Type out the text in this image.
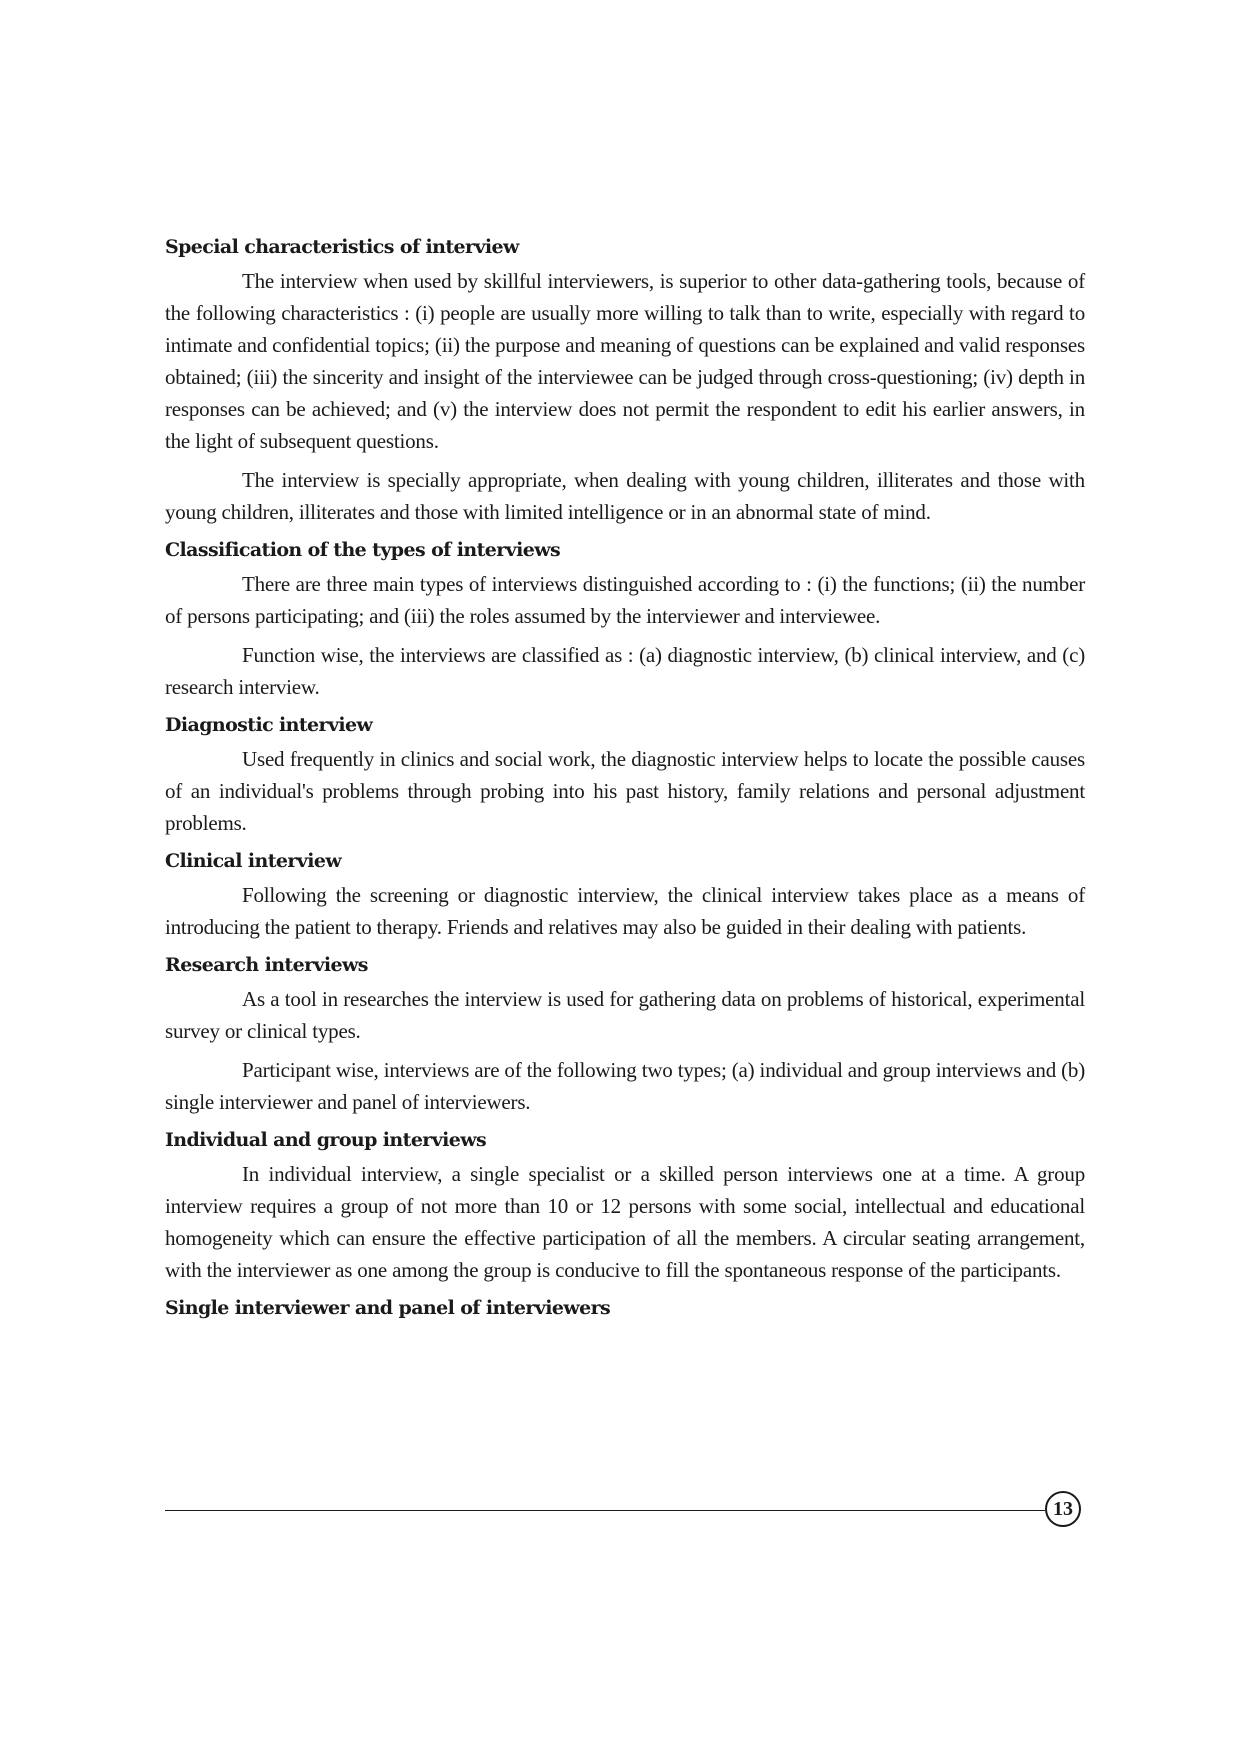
Special characteristics of interview

The interview when used by skillful interviewers, is superior to other data-gathering tools, because of the following characteristics : (i) people are usually more willing to talk than to write, especially with regard to intimate and confidential topics; (ii) the purpose and meaning of questions can be explained and valid responses obtained; (iii) the sincerity and insight of the interviewee can be judged through cross-questioning; (iv) depth in responses can be achieved; and (v) the interview does not permit the respondent to edit his earlier answers, in the light of subsequent questions.

The interview is specially appropriate, when dealing with young children, illiterates and those with young children, illiterates and those with limited intelligence or in an abnormal state of mind.

Classification of the types of interviews

There are three main types of interviews distinguished according to : (i) the functions; (ii) the number of persons participating; and (iii) the roles assumed by the interviewer and interviewee.

Function wise, the interviews are classified as : (a) diagnostic interview, (b) clinical interview, and (c) research interview.

Diagnostic interview

Used frequently in clinics and social work, the diagnostic interview helps to locate the possible causes of an individual's problems through probing into his past history, family relations and personal adjustment problems.

Clinical interview

Following the screening or diagnostic interview, the clinical interview takes place as a means of introducing the patient to therapy. Friends and relatives may also be guided in their dealing with patients.

Research interviews

As a tool in researches the interview is used for gathering data on problems of historical, experimental survey or clinical types.

Participant wise, interviews are of the following two types; (a) individual and group interviews and (b) single interviewer and panel of interviewers.

Individual and group interviews

In individual interview, a single specialist or a skilled person interviews one at a time. A group interview requires a group of not more than 10 or 12 persons with some social, intellectual and educational homogeneity which can ensure the effective participation of all the members. A circular seating arrangement, with the interviewer as one among the group is conducive to fill the spontaneous response of the participants.

Single interviewer and panel of interviewers
13
